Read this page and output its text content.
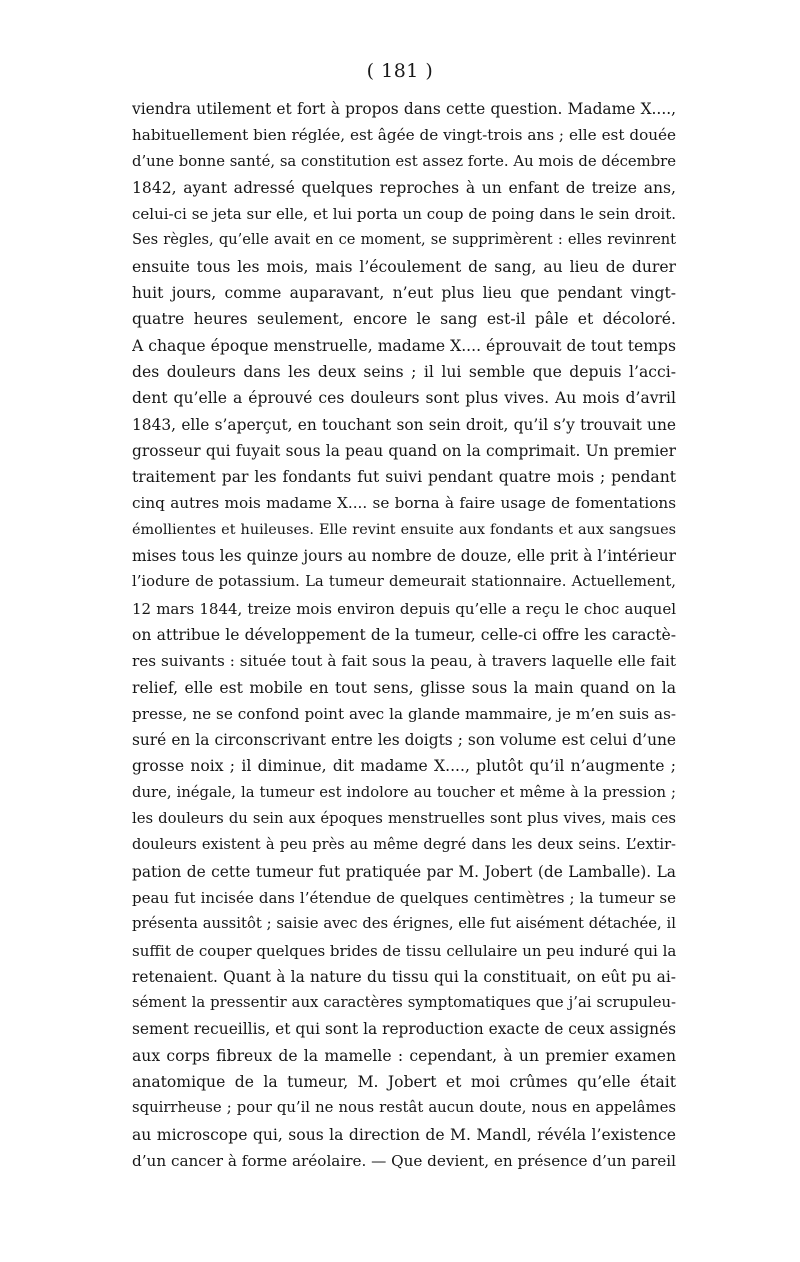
( 181 )
viendra utilement et fort à propos dans cette question. Madame X....,
habituellement bien réglée, est âgée de vingt-trois ans ; elle est douée
d’une bonne santé, sa constitution est assez forte. Au mois de décembre
1842, ayant adressé quelques reproches à un enfant de treize ans,
celui-ci se jeta sur elle, et lui porta un coup de poing dans le sein droit.
Ses règles, qu’elle avait en ce moment, se supprimèrent : elles revinrent
ensuite tous les mois, mais l’écoulement de sang, au lieu de durer
huit jours, comme auparavant, n’eut plus lieu que pendant vingt-
quatre heures seulement, encore le sang est-il pâle et décoloré.
A chaque époque menstruelle, madame X.... éprouvait de tout temps
des douleurs dans les deux seins ; il lui semble que depuis l’acci-
dent qu’elle a éprouvé ces douleurs sont plus vives. Au mois d’avril
1843, elle s’aperçut, en touchant son sein droit, qu’il s’y trouvait une
grosseur qui fuyait sous la peau quand on la comprimait. Un premier
traitement par les fondants fut suivi pendant quatre mois ; pendant
cinq autres mois madame X.... se borna à faire usage de fomentations
émollientes et huileuses. Elle revint ensuite aux fondants et aux sangsues
mises tous les quinze jours au nombre de douze, elle prit à l’intérieur
l’iodure de potassium. La tumeur demeurait stationnaire. Actuellement,
12 mars 1844, treize mois environ depuis qu’elle a reçu le choc auquel
on attribue le développement de la tumeur, celle-ci offre les caractè-
res suivants : située tout à fait sous la peau, à travers laquelle elle fait
relief, elle est mobile en tout sens, glisse sous la main quand on la
presse, ne se confond point avec la glande mammaire, je m’en suis as-
suré en la circonscrivant entre les doigts ; son volume est celui d’une
grosse noix ; il diminue, dit madame X...., plutôt qu’il n’augmente ;
dure, inégale, la tumeur est indolore au toucher et même à la pression ;
les douleurs du sein aux époques menstruelles sont plus vives, mais ces
douleurs existent à peu près au même degré dans les deux seins. L’extir-
pation de cette tumeur fut pratiquée par M. Jobert (de Lamballe). La
peau fut incisée dans l’étendue de quelques centimètres ; la tumeur se
présenta aussitôt ; saisie avec des érignes, elle fut aisément détachée, il
suffit de couper quelques brides de tissu cellulaire un peu induré qui la
retenaient. Quant à la nature du tissu qui la constituait, on eût pu ai-
sément la pressentir aux caractères symptomatiques que j’ai scrupuleu-
sement recueillis, et qui sont la reproduction exacte de ceux assignés
aux corps fibreux de la mamelle : cependant, à un premier examen
anatomique de la tumeur, M. Jobert et moi crûmes qu’elle était
squirrheuse ; pour qu’il ne nous restât aucun doute, nous en appelâmes
au microscope qui, sous la direction de M. Mandl, révéla l’existence
d’un cancer à forme aréolaire. — Que devient, en présence d’un pareil
